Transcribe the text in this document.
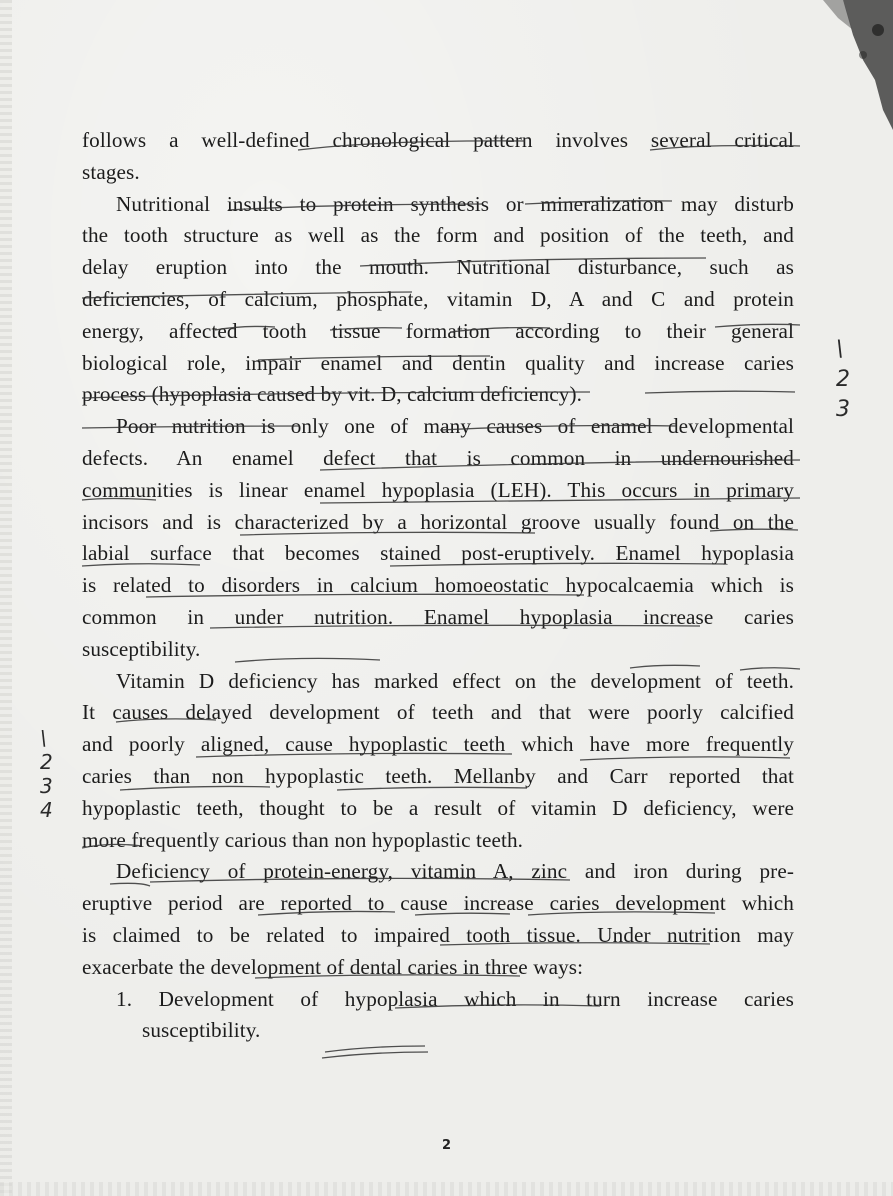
follows a well-defined chronological pattern involves several critical
stages.
Nutritional insults to protein synthesis or mineralization may disturb
the tooth structure as well as the form and position of the teeth, and
delay eruption into the mouth. Nutritional disturbance, such as
deficiencies, of calcium, phosphate, vitamin D, A and C and protein
energy, affected tooth tissue formation according to their general
biological role, impair enamel and dentin quality and increase caries
process (hypoplasia caused by vit. D, calcium deficiency).
Poor nutrition is only one of many causes of enamel developmental
defects. An enamel defect that is common in undernourished
communities is linear enamel hypoplasia (LEH). This occurs in primary
incisors and is characterized by a horizontal groove usually found on the
labial surface that becomes stained post-eruptively. Enamel hypoplasia
is related to disorders in calcium homoeostatic hypocalcaemia which is
common in under nutrition. Enamel hypoplasia increase caries
susceptibility.
Vitamin D deficiency has marked effect on the development of teeth.
It causes delayed development of teeth and that were poorly calcified
and poorly aligned, cause hypoplastic teeth which have more frequently
caries than non hypoplastic teeth. Mellanby and Carr reported that
hypoplastic teeth, thought to be a result of vitamin D deficiency, were
more frequently carious than non hypoplastic teeth.
Deficiency of protein-energy, vitamin A, zinc and iron during pre-
eruptive period are reported to cause increase caries development which
is claimed to be related to impaired tooth tissue. Under nutrition may
exacerbate the development of dental caries in three ways:
1. Development of hypoplasia which in turn increase caries
susceptibility.
\
2
3
\
2
3
4
2
